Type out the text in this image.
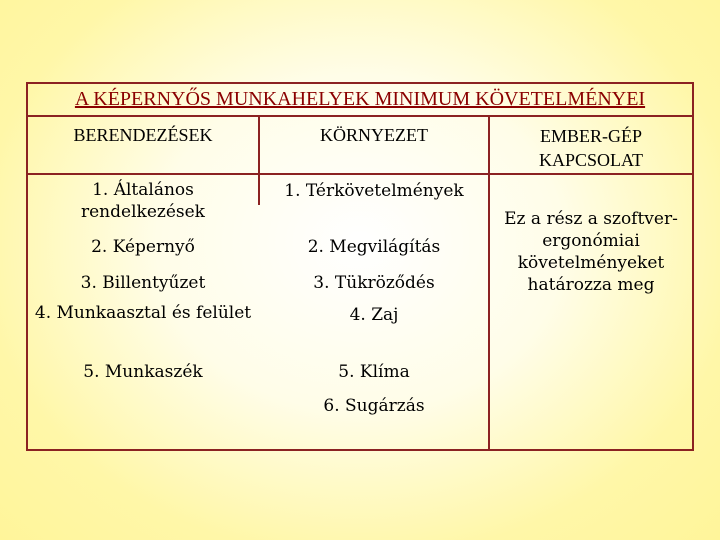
A KÉPERNYŐS MUNKAHELYEK MINIMUM KÖVETELMÉNYEI
BERENDEZÉSEK	KÖRNYEZET	EMBER-GÉP KAPCSOLAT
1. Általános rendelkezések
2. Képernyő
3. Billentyűzet
4. Munkaasztal és felület
5. Munkaszék
1. Térkövetelmények
2. Megvilágítás
3. Tükröződés
4. Zaj
5. Klíma
6. Sugárzás
Ez a rész a szoftver-ergonómiai követelményeket határozza meg
